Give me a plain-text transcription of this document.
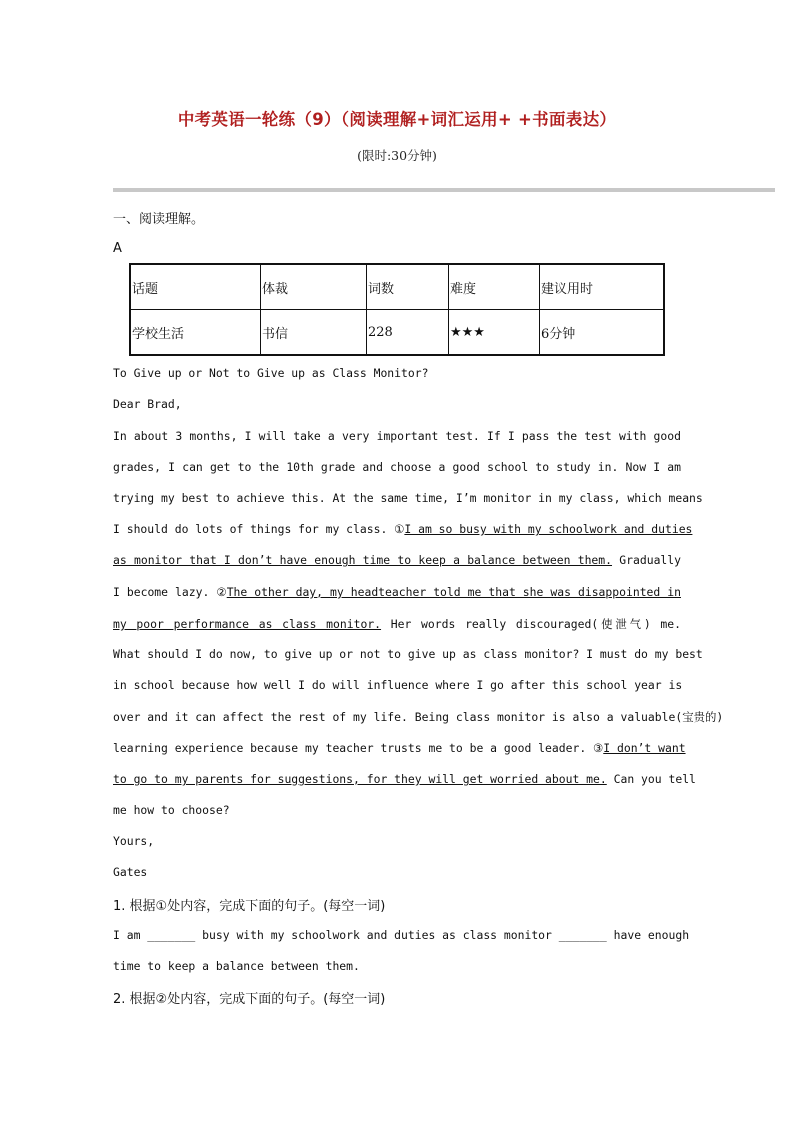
中考英语一轮练（9）（阅读理解+词汇运用+ +书面表达）
(限时:30分钟)
一、阅读理解。
A
话题	体裁	词数	难度	建议用时
学校生活	书信	228	★★★	6分钟
To Give up or Not to Give up as Class Monitor?
Dear Brad,
In about 3 months, I will take a very important test. If I pass the test with good
grades, I can get to the 10th grade and choose a good school to study in. Now I am
trying my best to achieve this. At the same time, I’m monitor in my class, which means
I should do lots of things for my class. ①I am so busy with my schoolwork and duties
as monitor that I don’t have enough time to keep a balance between them. Gradually
I become lazy. ②The other day, my headteacher told me that she was disappointed in
my poor performance as class monitor. Her words really discouraged(使泄气) me.
What should I do now, to give up or not to give up as class monitor? I must do my best
in school because how well I do will influence where I go after this school year is
over and it can affect the rest of my life. Being class monitor is also a valuable(宝贵的)
learning experience because my teacher trusts me to be a good leader. ③I don’t want
to go to my parents for suggestions, for they will get worried about me. Can you tell
me how to choose?
Yours,
Gates
1. 根据①处内容，完成下面的句子。(每空一词)
I am _______ busy with my schoolwork and duties as class monitor _______ have enough
time to keep a balance between them.
2. 根据②处内容，完成下面的句子。(每空一词)
